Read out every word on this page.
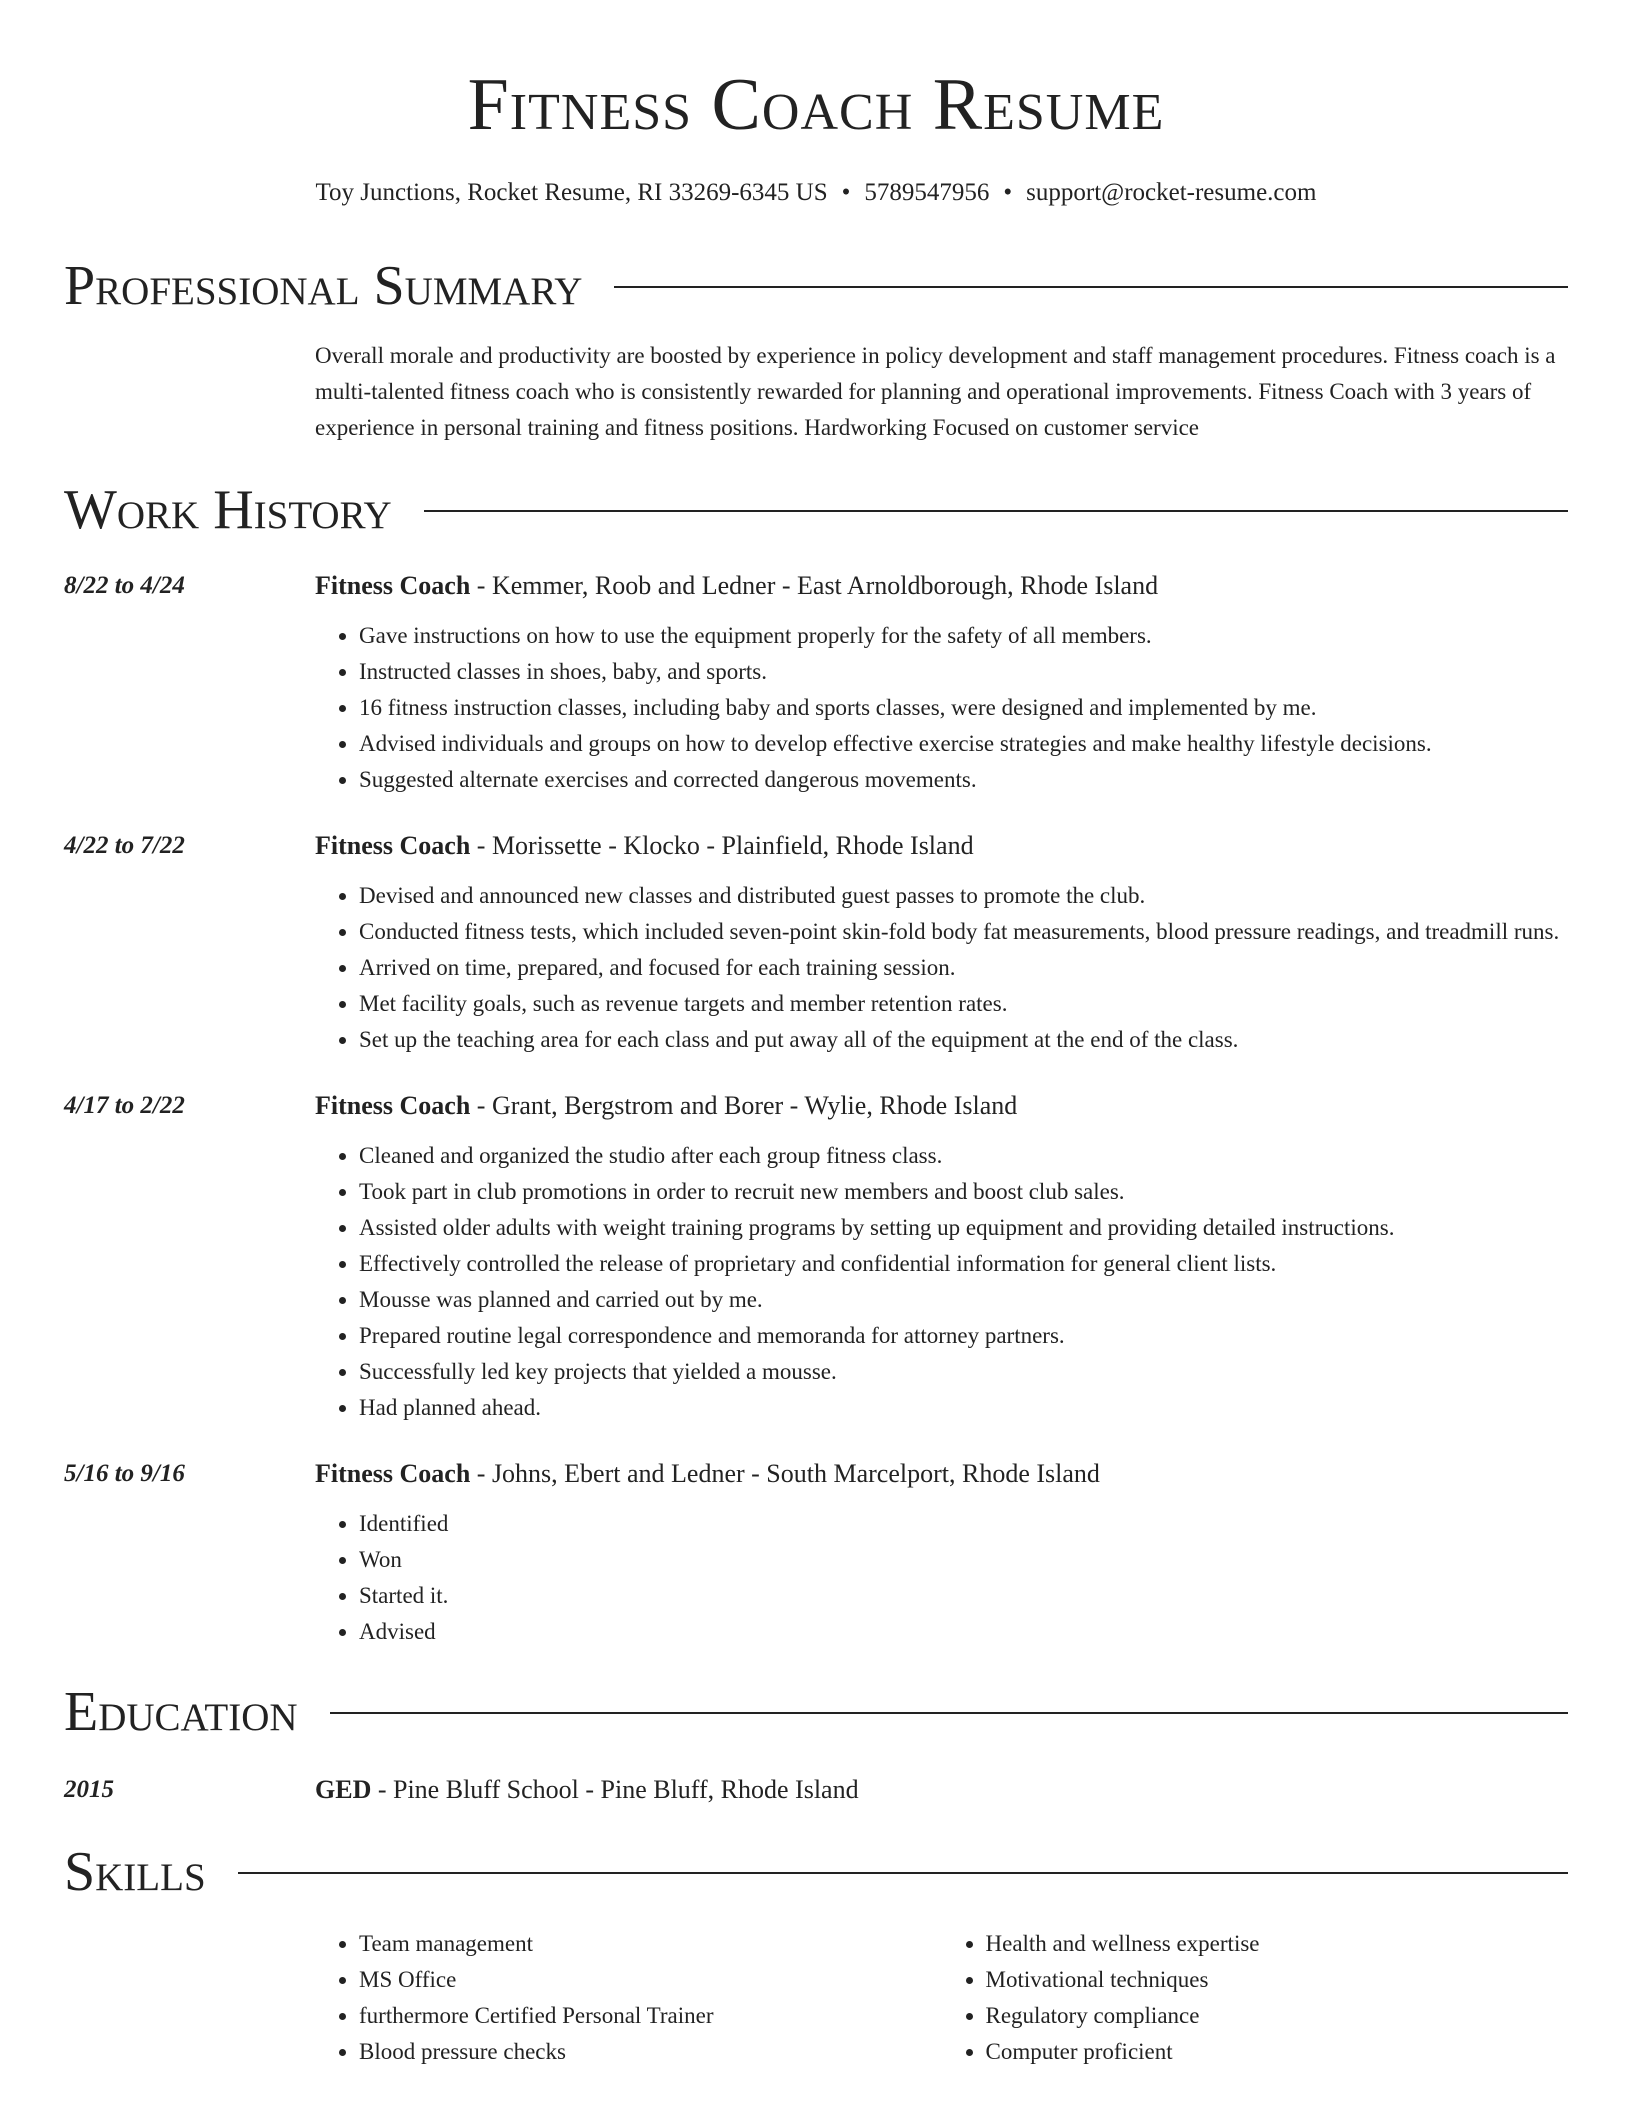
Fitness Coach Resume
Toy Junctions, Rocket Resume, RI 33269-6345 US • 5789547956 • support@rocket-resume.com
Professional Summary

Overall morale and productivity are boosted by experience in policy development and staff management procedures. Fitness coach is a multi-talented fitness coach who is consistently rewarded for planning and operational improvements. Fitness Coach with 3 years of experience in personal training and fitness positions. Hardworking Focused on customer service

Work History
8/22 to 4/24	Fitness Coach - Kemmer, Roob and Ledner - East Arnoldborough, Rhode Island
• Gave instructions on how to use the equipment properly for the safety of all members.
• Instructed classes in shoes, baby, and sports.
• 16 fitness instruction classes, including baby and sports classes, were designed and implemented by me.
• Advised individuals and groups on how to develop effective exercise strategies and make healthy lifestyle decisions.
• Suggested alternate exercises and corrected dangerous movements.
4/22 to 7/22	Fitness Coach - Morissette - Klocko - Plainfield, Rhode Island
• Devised and announced new classes and distributed guest passes to promote the club.
• Conducted fitness tests, which included seven-point skin-fold body fat measurements, blood pressure readings, and treadmill runs.
• Arrived on time, prepared, and focused for each training session.
• Met facility goals, such as revenue targets and member retention rates.
• Set up the teaching area for each class and put away all of the equipment at the end of the class.
4/17 to 2/22	Fitness Coach - Grant, Bergstrom and Borer - Wylie, Rhode Island
• Cleaned and organized the studio after each group fitness class.
• Took part in club promotions in order to recruit new members and boost club sales.
• Assisted older adults with weight training programs by setting up equipment and providing detailed instructions.
• Effectively controlled the release of proprietary and confidential information for general client lists.
• Mousse was planned and carried out by me.
• Prepared routine legal correspondence and memoranda for attorney partners.
• Successfully led key projects that yielded a mousse.
• Had planned ahead.
5/16 to 9/16	Fitness Coach - Johns, Ebert and Ledner - South Marcelport, Rhode Island
• Identified
• Won
• Started it.
• Advised
Education
2015	GED - Pine Bluff School - Pine Bluff, Rhode Island
Skills
• Team management
• MS Office
• furthermore Certified Personal Trainer
• Blood pressure checks
• Health and wellness expertise
• Motivational techniques
• Regulatory compliance
• Computer proficient
